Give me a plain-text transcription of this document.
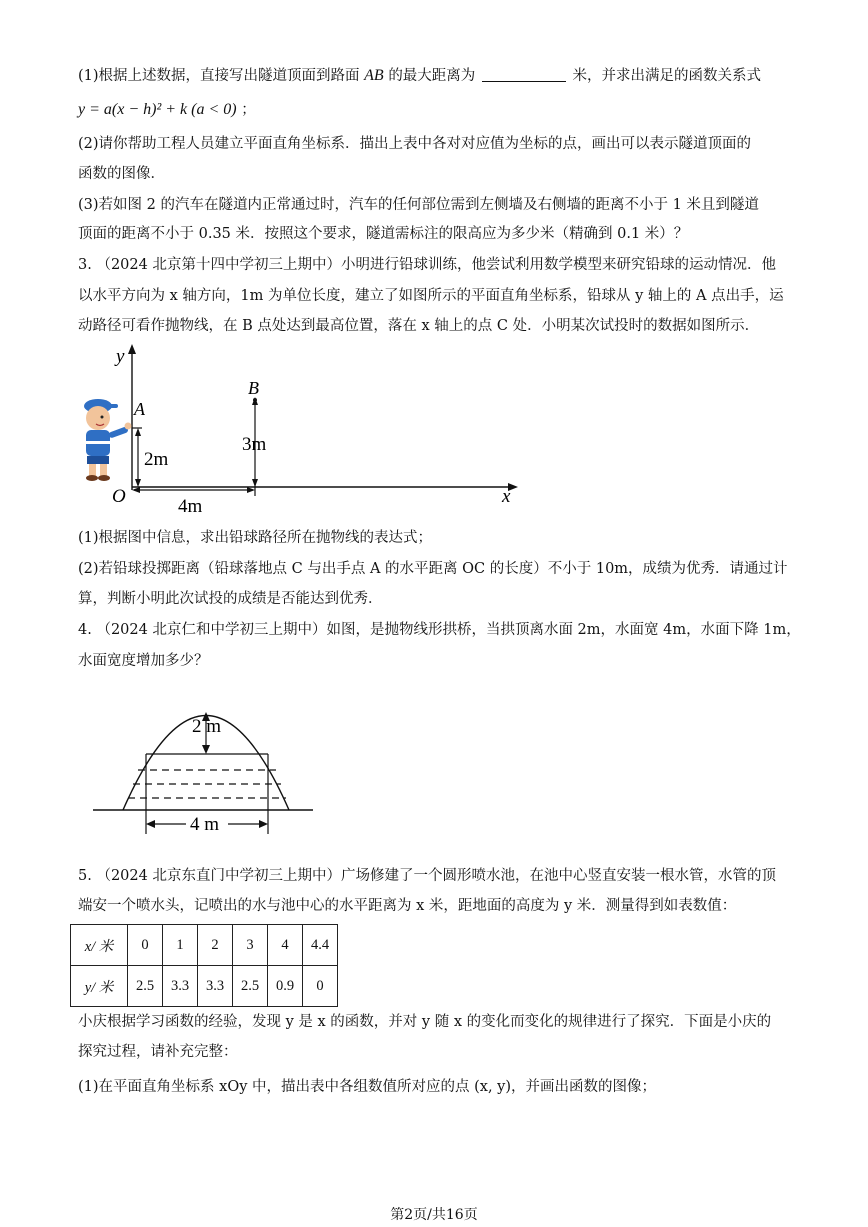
(1)根据上述数据，直接写出隧道顶面到路面 AB 的最大距离为	米，并求出满足的函数关系式
y = a(x − h)² + k (a < 0) ；
(2)请你帮助工程人员建立平面直角坐标系．描出上表中各对对应值为坐标的点，画出可以表示隧道顶面的
函数的图像．
(3)若如图 2 的汽车在隧道内正常通过时，汽车的任何部位需到左侧墙及右侧墙的距离不小于 1 米且到隧道
顶面的距离不小于 0.35 米．按照这个要求，隧道需标注的限高应为多少米（精确到 0.1 米）？
3. （2024 北京第十四中学初三上期中）小明进行铅球训练，他尝试利用数学模型来研究铅球的运动情况．他
以水平方向为 x 轴方向，1m 为单位长度，建立了如图所示的平面直角坐标系，铅球从 y 轴上的 A 点出手，运
动路径可看作抛物线，在 B 点处达到最高位置，落在 x 轴上的点 C 处．小明某次试投时的数据如图所示．
y
x
O
A
B
2m
3m
4m
(1)根据图中信息，求出铅球路径所在抛物线的表达式；
(2)若铅球投掷距离（铅球落地点 C 与出手点 A 的水平距离 OC 的长度）不小于 10m，成绩为优秀．请通过计
算，判断小明此次试投的成绩是否能达到优秀．
4. （2024 北京仁和中学初三上期中）如图，是抛物线形拱桥，当拱顶离水面 2m，水面宽 4m，水面下降 1m，
水面宽度增加多少？
2 m
4 m
5. （2024 北京东直门中学初三上期中）广场修建了一个圆形喷水池，在池中心竖直安装一根水管，水管的顶
端安一个喷水头，记喷出的水与池中心的水平距离为 x 米，距地面的高度为 y 米．测量得到如表数值：
x/ 米	0	1	2	3	4	4.4
y/ 米	2.5	3.3	3.3	2.5	0.9	0
小庆根据学习函数的经验，发现 y 是 x 的函数，并对 y 随 x 的变化而变化的规律进行了探究．下面是小庆的
探究过程，请补充完整：
(1)在平面直角坐标系 xOy 中，描出表中各组数值所对应的点 (x, y)，并画出函数的图像；
第2页/共16页
